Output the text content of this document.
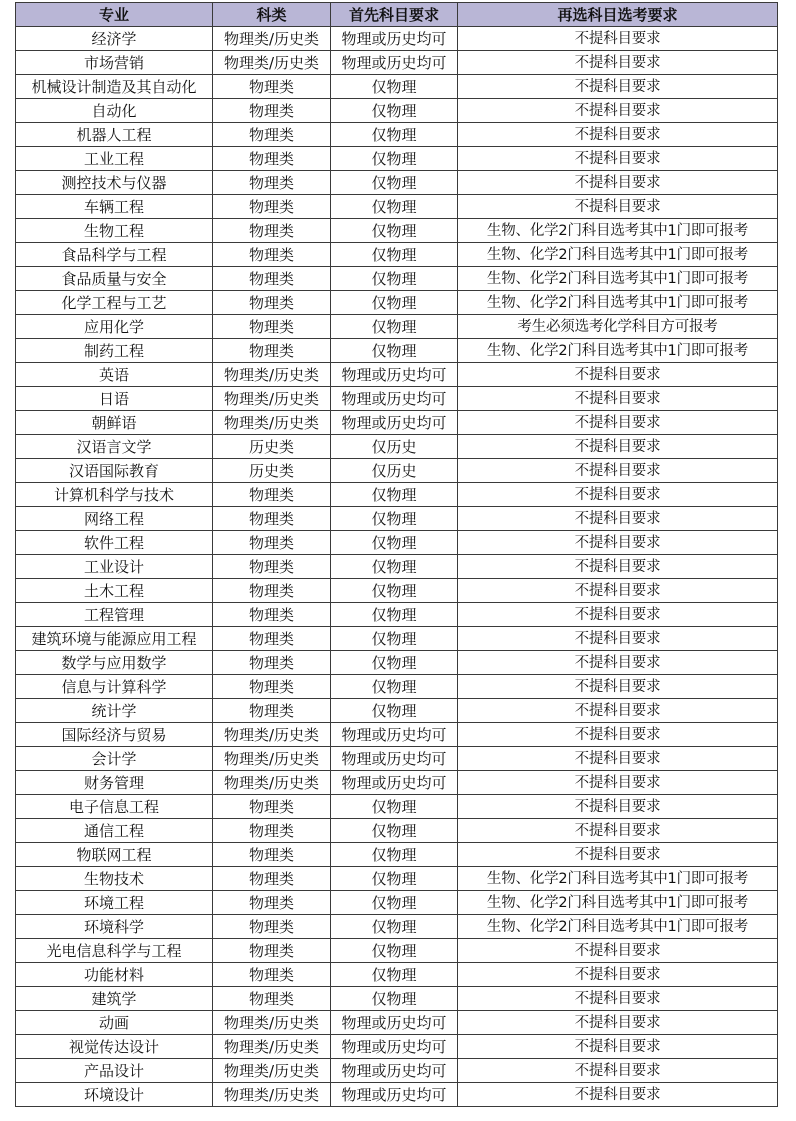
专业	科类	首先科目要求	再选科目选考要求
经济学	物理类/历史类	物理或历史均可	不提科目要求
市场营销	物理类/历史类	物理或历史均可	不提科目要求
机械设计制造及其自动化	物理类	仅物理	不提科目要求
自动化	物理类	仅物理	不提科目要求
机器人工程	物理类	仅物理	不提科目要求
工业工程	物理类	仅物理	不提科目要求
测控技术与仪器	物理类	仅物理	不提科目要求
车辆工程	物理类	仅物理	不提科目要求
生物工程	物理类	仅物理	生物、化学2门科目选考其中1门即可报考
食品科学与工程	物理类	仅物理	生物、化学2门科目选考其中1门即可报考
食品质量与安全	物理类	仅物理	生物、化学2门科目选考其中1门即可报考
化学工程与工艺	物理类	仅物理	生物、化学2门科目选考其中1门即可报考
应用化学	物理类	仅物理	考生必须选考化学科目方可报考
制药工程	物理类	仅物理	生物、化学2门科目选考其中1门即可报考
英语	物理类/历史类	物理或历史均可	不提科目要求
日语	物理类/历史类	物理或历史均可	不提科目要求
朝鲜语	物理类/历史类	物理或历史均可	不提科目要求
汉语言文学	历史类	仅历史	不提科目要求
汉语国际教育	历史类	仅历史	不提科目要求
计算机科学与技术	物理类	仅物理	不提科目要求
网络工程	物理类	仅物理	不提科目要求
软件工程	物理类	仅物理	不提科目要求
工业设计	物理类	仅物理	不提科目要求
土木工程	物理类	仅物理	不提科目要求
工程管理	物理类	仅物理	不提科目要求
建筑环境与能源应用工程	物理类	仅物理	不提科目要求
数学与应用数学	物理类	仅物理	不提科目要求
信息与计算科学	物理类	仅物理	不提科目要求
统计学	物理类	仅物理	不提科目要求
国际经济与贸易	物理类/历史类	物理或历史均可	不提科目要求
会计学	物理类/历史类	物理或历史均可	不提科目要求
财务管理	物理类/历史类	物理或历史均可	不提科目要求
电子信息工程	物理类	仅物理	不提科目要求
通信工程	物理类	仅物理	不提科目要求
物联网工程	物理类	仅物理	不提科目要求
生物技术	物理类	仅物理	生物、化学2门科目选考其中1门即可报考
环境工程	物理类	仅物理	生物、化学2门科目选考其中1门即可报考
环境科学	物理类	仅物理	生物、化学2门科目选考其中1门即可报考
光电信息科学与工程	物理类	仅物理	不提科目要求
功能材料	物理类	仅物理	不提科目要求
建筑学	物理类	仅物理	不提科目要求
动画	物理类/历史类	物理或历史均可	不提科目要求
视觉传达设计	物理类/历史类	物理或历史均可	不提科目要求
产品设计	物理类/历史类	物理或历史均可	不提科目要求
环境设计	物理类/历史类	物理或历史均可	不提科目要求
